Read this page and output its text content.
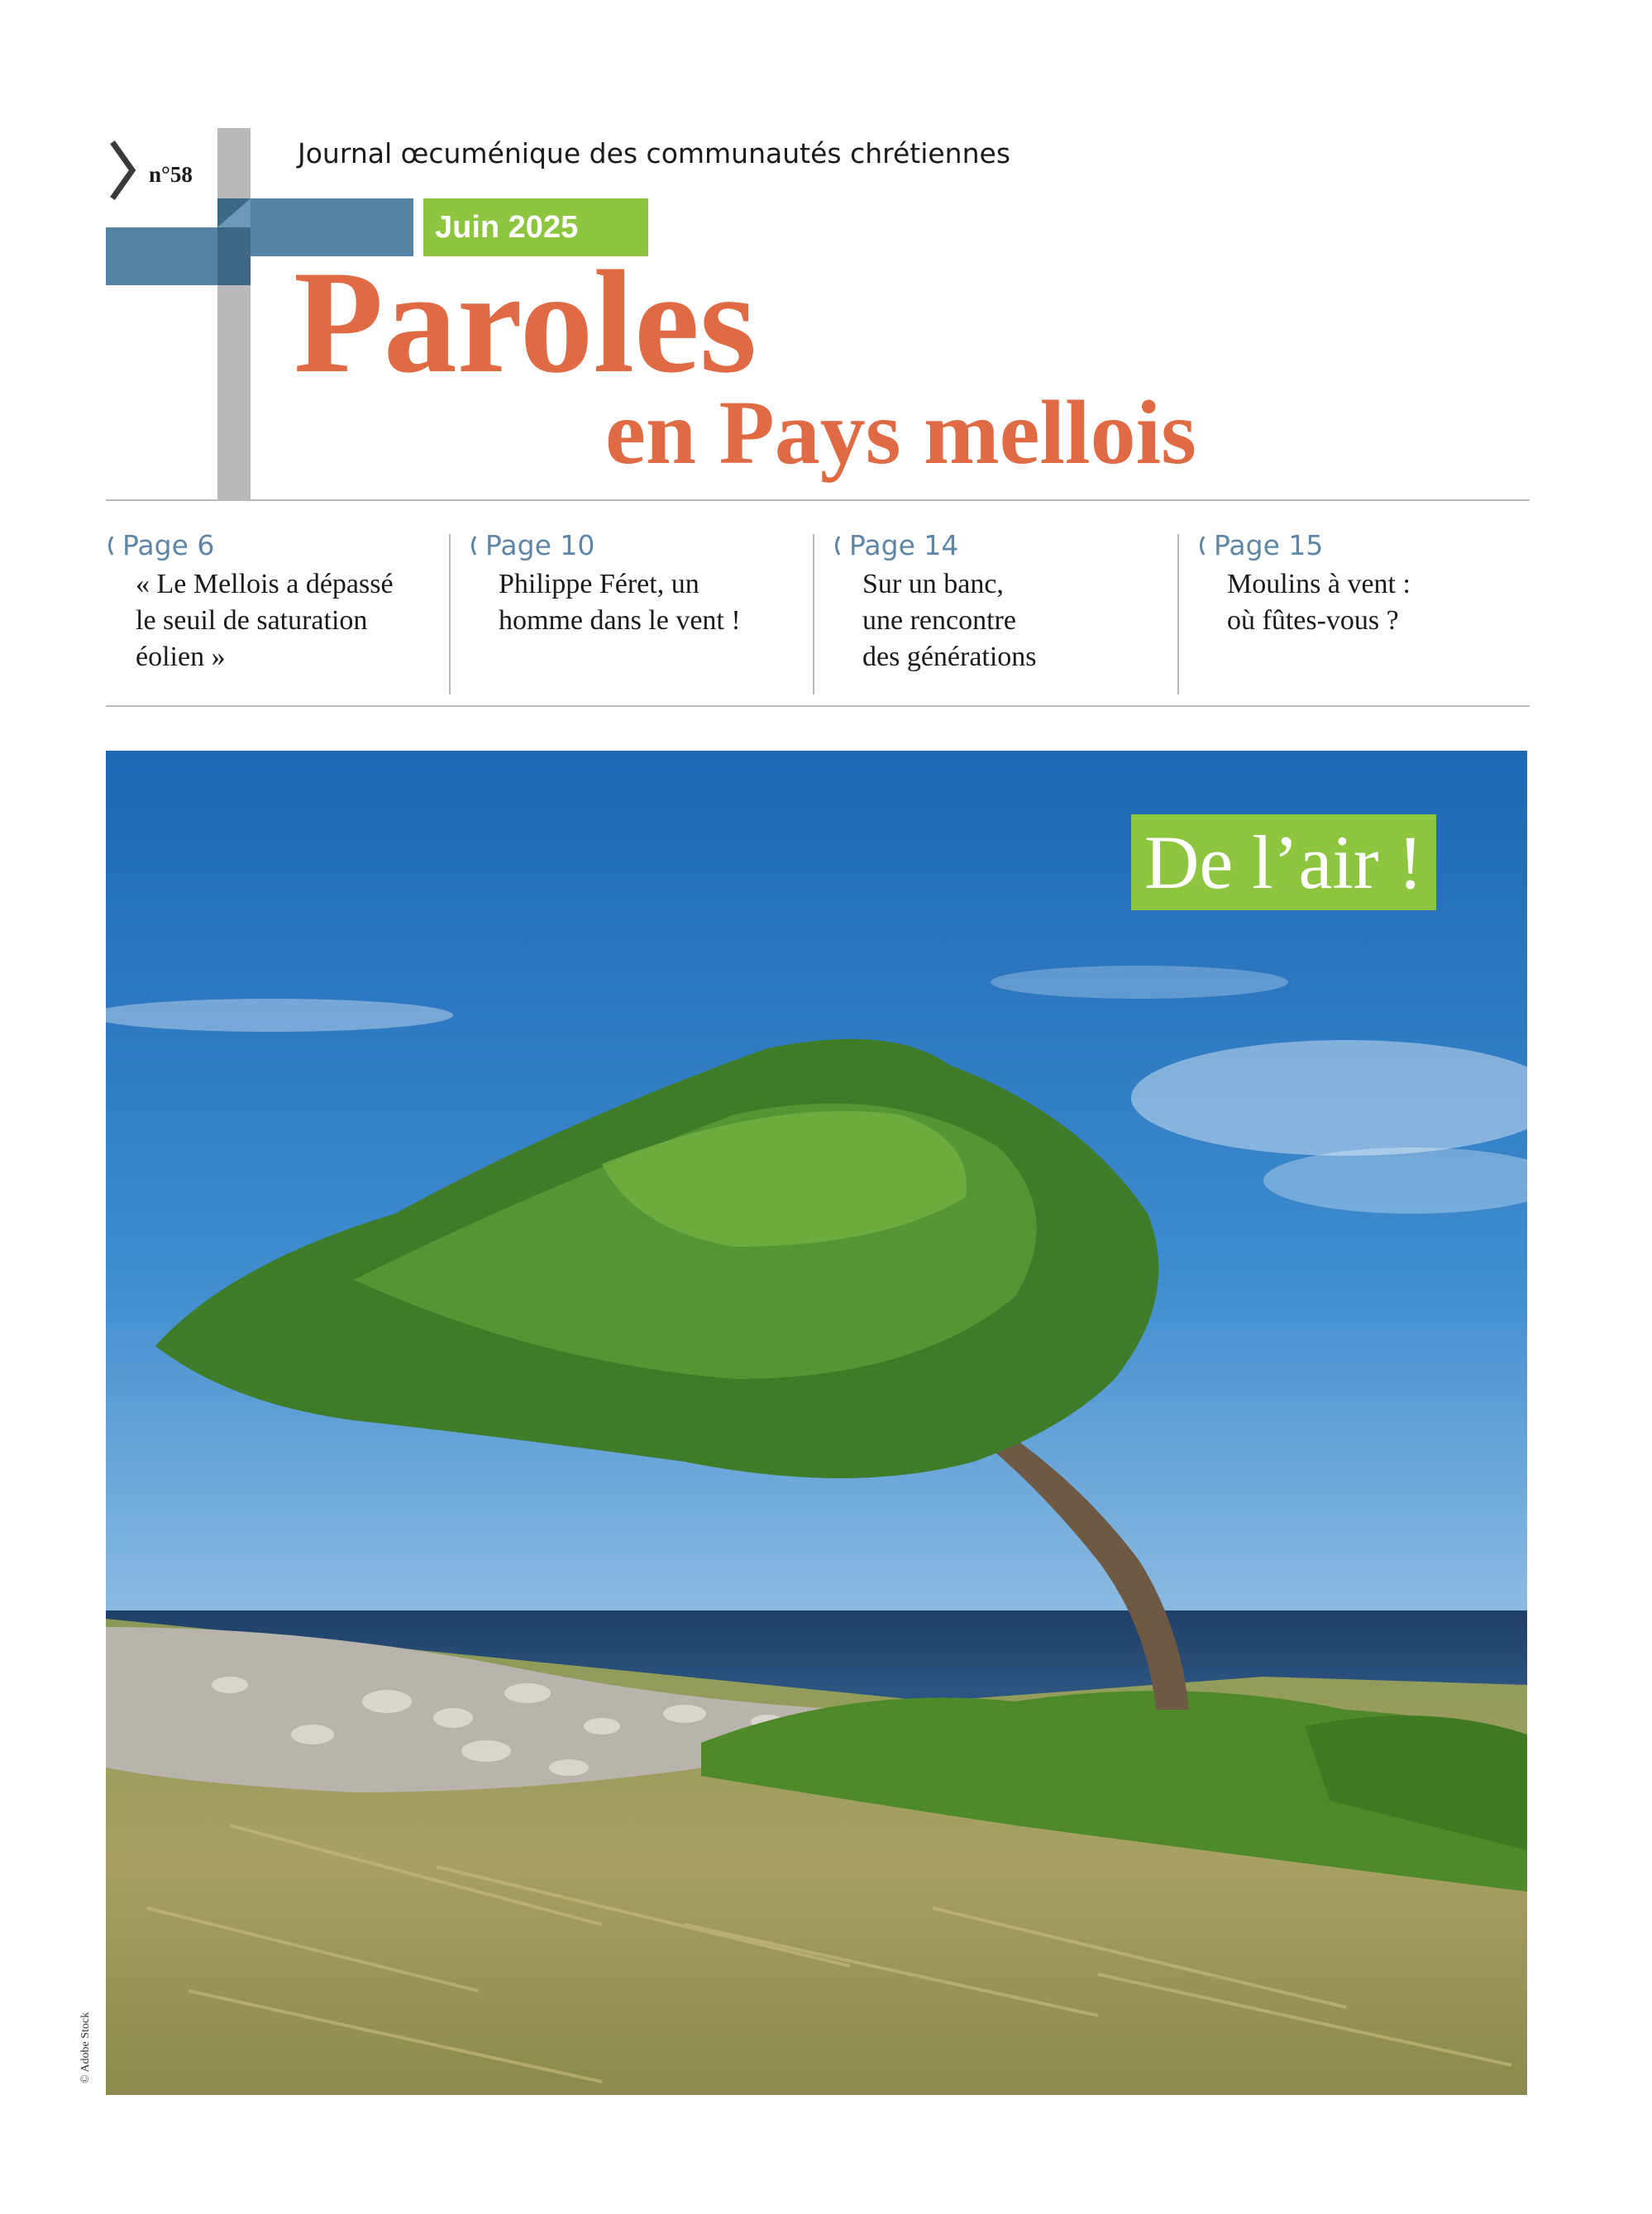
n°58
Journal œcuménique des communautés chrétiennes
Juin 2025
Paroles
en Pays mellois
Page 6
« Le Mellois a dépassé
le seuil de saturation
éolien »
Page 10
Philippe Féret, un
homme dans le vent !
Page 14
Sur un banc,
une rencontre
des générations
Page 15
Moulins à vent :
où fûtes-vous ?
De l’air !
© Adobe Stock
